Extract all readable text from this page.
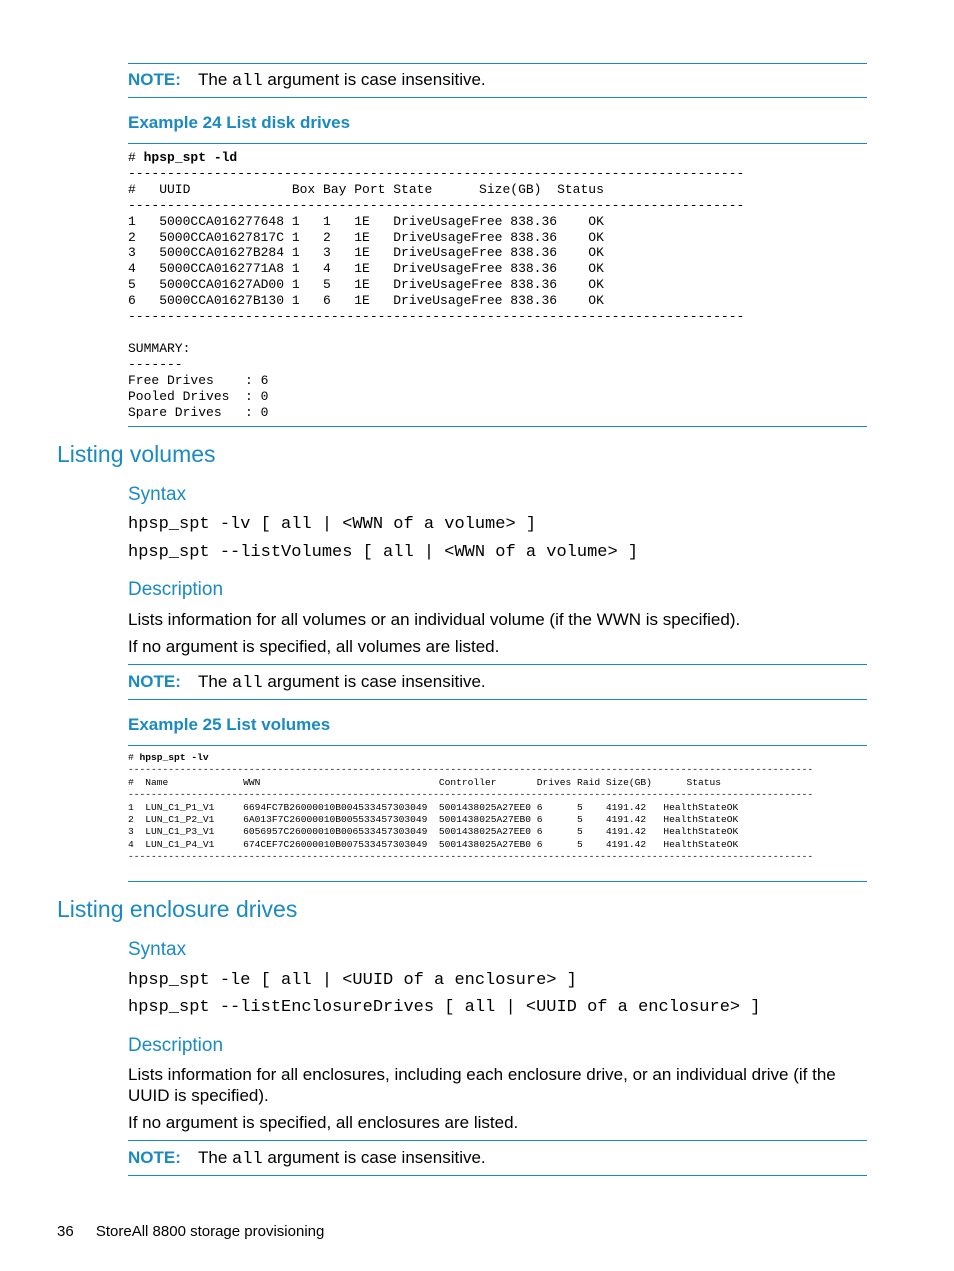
NOTE: The all argument is case insensitive.
Example 24 List disk drives
# hpsp_spt -ld
-------------------------------------------------------------------------------
#   UUID             Box Bay Port State      Size(GB)  Status
-------------------------------------------------------------------------------
1   5000CCA016277648 1   1   1E   DriveUsageFree 838.36    OK
2   5000CCA01627817C 1   2   1E   DriveUsageFree 838.36    OK
3   5000CCA01627B284 1   3   1E   DriveUsageFree 838.36    OK
4   5000CCA0162771A8 1   4   1E   DriveUsageFree 838.36    OK
5   5000CCA01627AD00 1   5   1E   DriveUsageFree 838.36    OK
6   5000CCA01627B130 1   6   1E   DriveUsageFree 838.36    OK
-------------------------------------------------------------------------------

SUMMARY:
-------
Free Drives    : 6
Pooled Drives  : 0
Spare Drives   : 0
Listing volumes
Syntax
hpsp_spt -lv [ all | <WWN of a volume> ]
hpsp_spt --listVolumes [ all | <WWN of a volume> ]
Description
Lists information for all volumes or an individual volume (if the WWN is specified).
If no argument is specified, all volumes are listed.
NOTE: The all argument is case insensitive.
Example 25 List volumes
# hpsp_spt -lv
-----------------------------------------------------------------------------------------------------------------------
#  Name             WWN                               Controller       Drives Raid Size(GB)      Status
-----------------------------------------------------------------------------------------------------------------------
1  LUN_C1_P1_V1     6694FC7B26000010B004533457303049  5001438025A27EE0 6      5    4191.42   HealthStateOK
2  LUN_C1_P2_V1     6A013F7C26000010B005533457303049  5001438025A27EB0 6      5    4191.42   HealthStateOK
3  LUN_C1_P3_V1     6056957C26000010B006533457303049  5001438025A27EE0 6      5    4191.42   HealthStateOK
4  LUN_C1_P4_V1     674CEF7C26000010B007533457303049  5001438025A27EB0 6      5    4191.42   HealthStateOK
-----------------------------------------------------------------------------------------------------------------------
Listing enclosure drives
Syntax
hpsp_spt -le [ all | <UUID of a enclosure> ]
hpsp_spt --listEnclosureDrives [ all | <UUID of a enclosure> ]
Description
Lists information for all enclosures, including each enclosure drive, or an individual drive (if the UUID is specified).
If no argument is specified, all enclosures are listed.
NOTE: The all argument is case insensitive.
36 StoreAll 8800 storage provisioning
